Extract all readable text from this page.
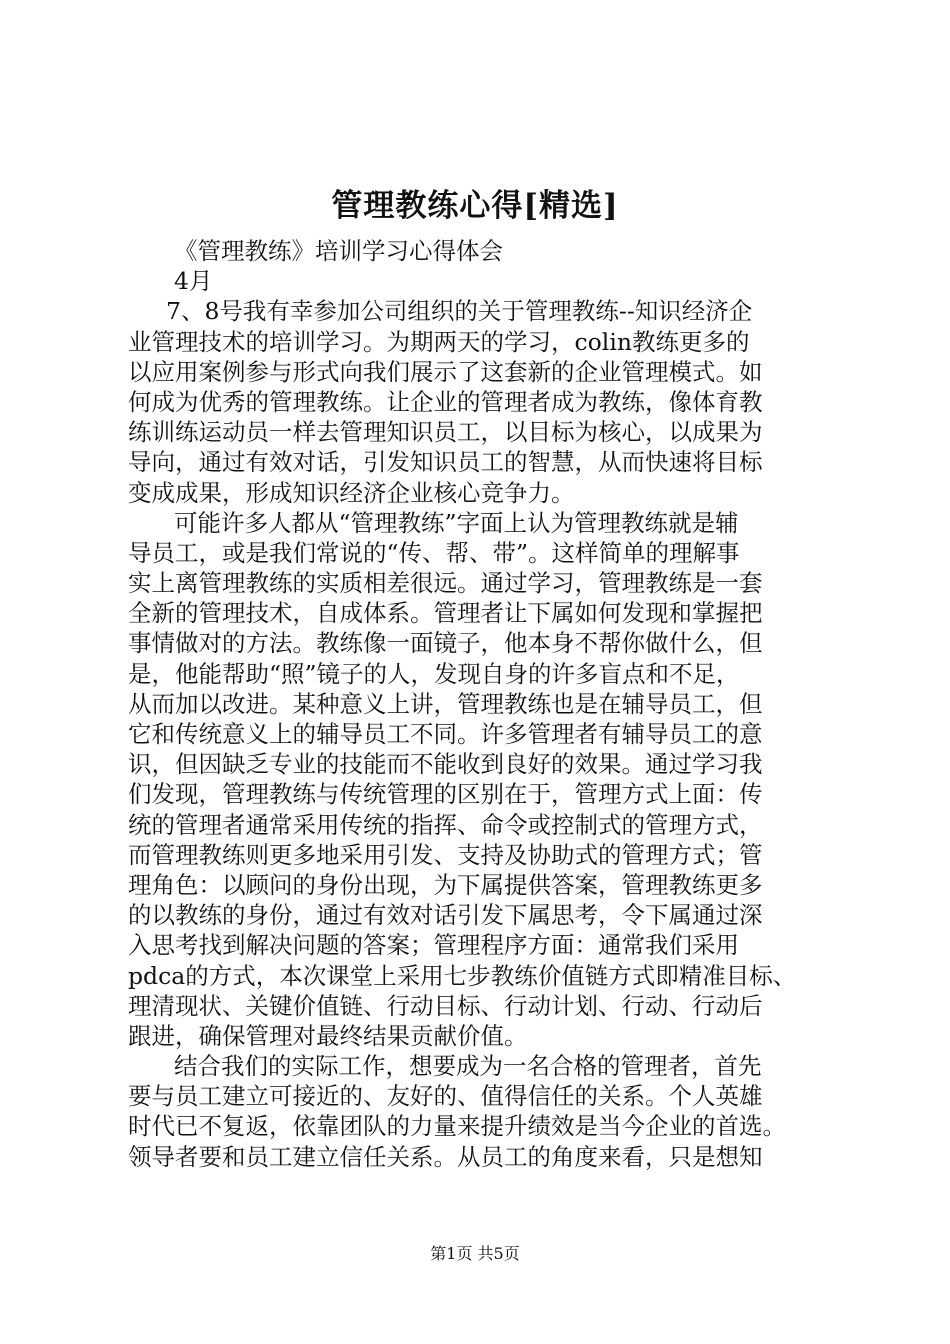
管理教练心得[精选]
《管理教练》培训学习心得体会
4月
7、8号我有幸参加公司组织的关于管理教练--知识经济企
业管理技术的培训学习。为期两天的学习，colin教练更多的
以应用案例参与形式向我们展示了这套新的企业管理模式。如
何成为优秀的管理教练。让企业的管理者成为教练，像体育教
练训练运动员一样去管理知识员工，以目标为核心，以成果为
导向，通过有效对话，引发知识员工的智慧，从而快速将目标
变成成果，形成知识经济企业核心竞争力。
可能许多人都从“管理教练”字面上认为管理教练就是辅
导员工，或是我们常说的“传、帮、带”。这样简单的理解事
实上离管理教练的实质相差很远。通过学习，管理教练是一套
全新的管理技术，自成体系。管理者让下属如何发现和掌握把
事情做对的方法。教练像一面镜子，他本身不帮你做什么，但
是，他能帮助“照”镜子的人，发现自身的许多盲点和不足，
从而加以改进。某种意义上讲，管理教练也是在辅导员工，但
它和传统意义上的辅导员工不同。许多管理者有辅导员工的意
识，但因缺乏专业的技能而不能收到良好的效果。通过学习我
们发现，管理教练与传统管理的区别在于，管理方式上面：传
统的管理者通常采用传统的指挥、命令或控制式的管理方式，
而管理教练则更多地采用引发、支持及协助式的管理方式；管
理角色：以顾问的身份出现，为下属提供答案，管理教练更多
的以教练的身份，通过有效对话引发下属思考，令下属通过深
入思考找到解决问题的答案；管理程序方面：通常我们采用
pdca的方式，本次课堂上采用七步教练价值链方式即精准目标、
理清现状、关键价值链、行动目标、行动计划、行动、行动后
跟进，确保管理对最终结果贡献价值。
结合我们的实际工作，想要成为一名合格的管理者，首先
要与员工建立可接近的、友好的、值得信任的关系。个人英雄
时代已不复返，依靠团队的力量来提升绩效是当今企业的首选。
领导者要和员工建立信任关系。从员工的角度来看，只是想知
第1页 共5页
